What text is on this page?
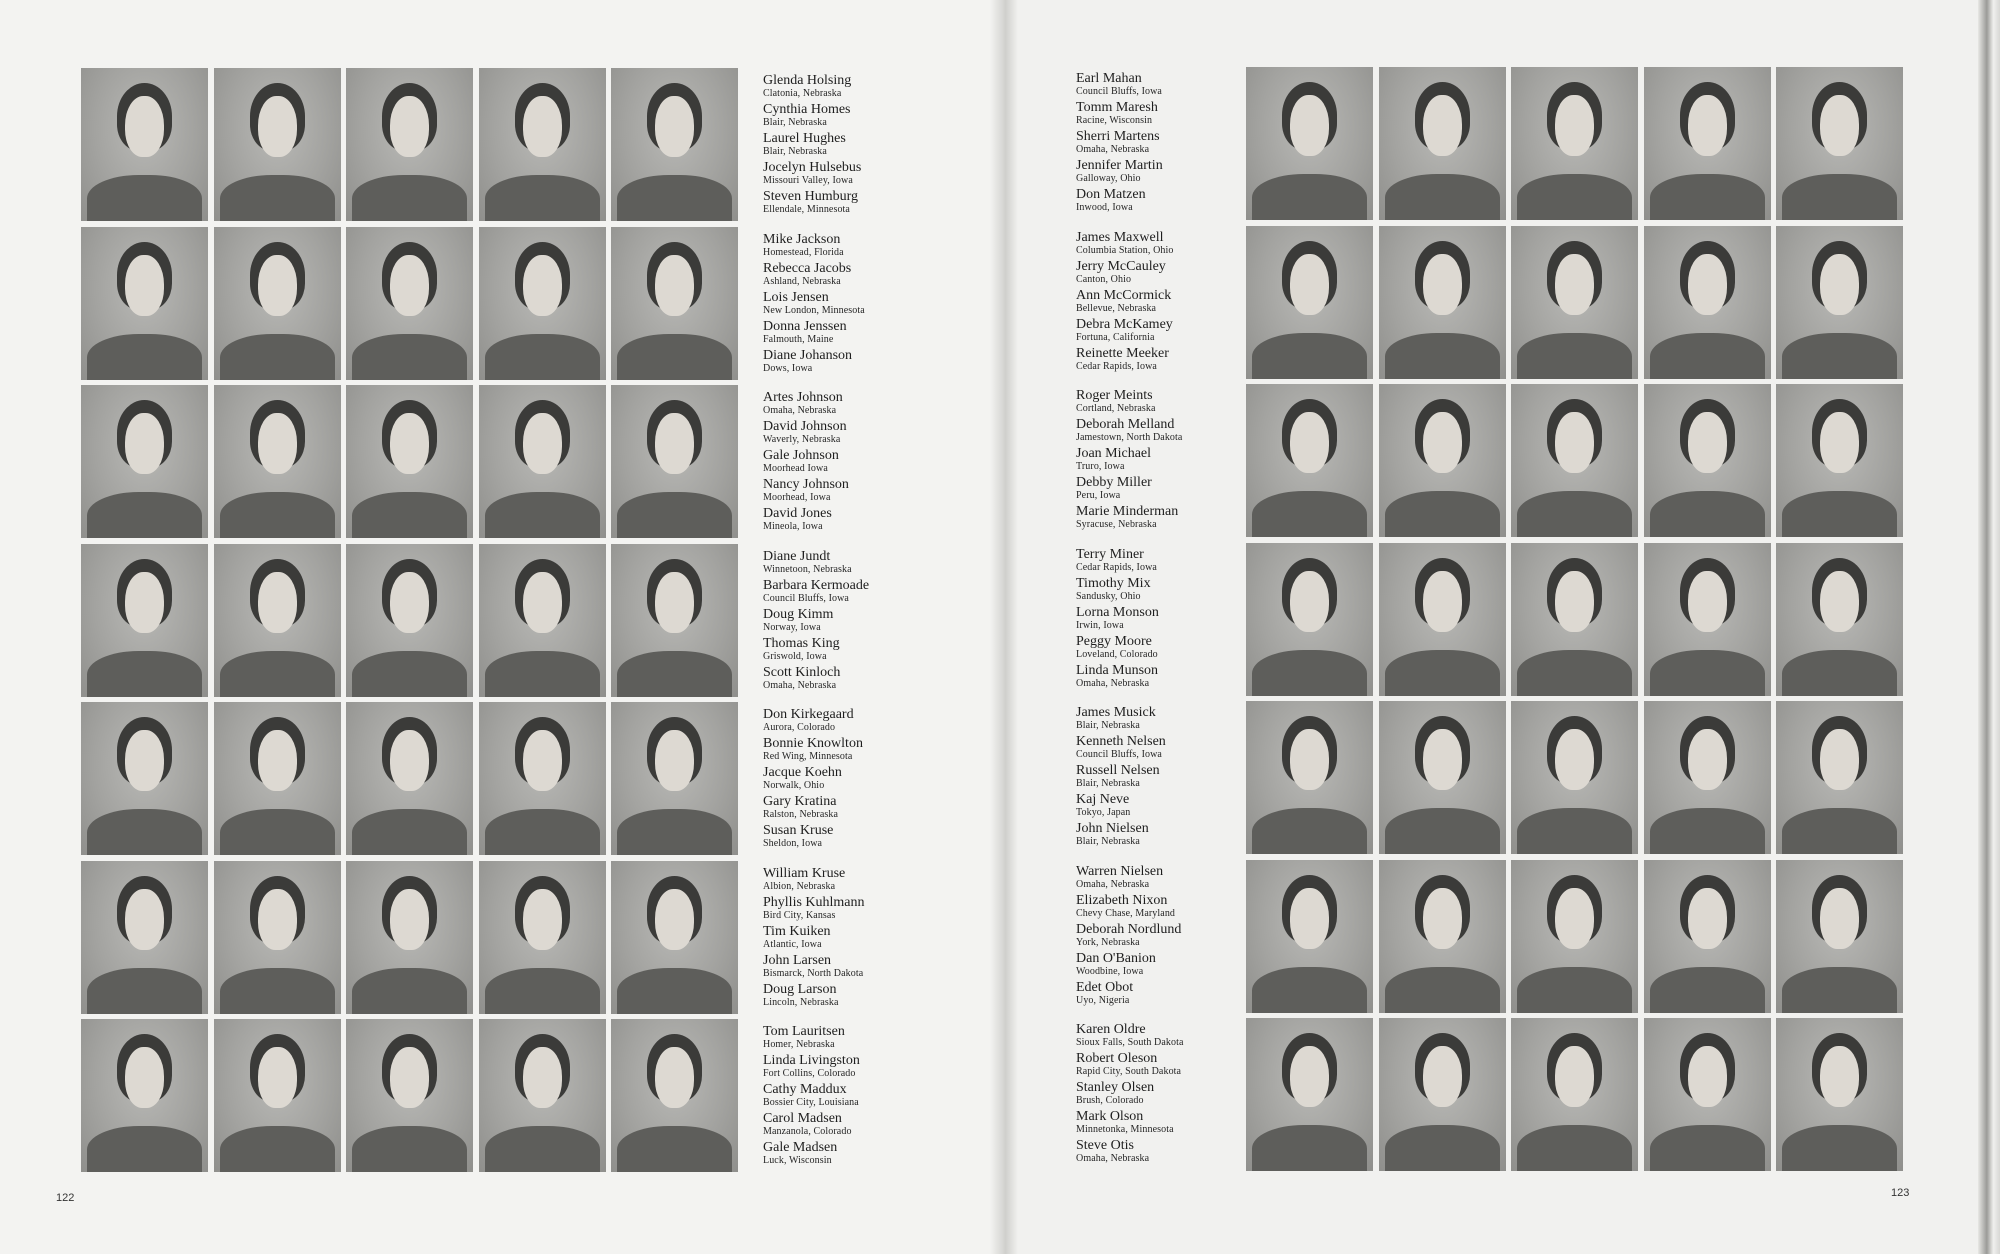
Glenda Holsing
Clatonia, Nebraska
Cynthia Homes
Blair, Nebraska
Laurel Hughes
Blair, Nebraska
Jocelyn Hulsebus
Missouri Valley, Iowa
Steven Humburg
Ellendale, Minnesota
Mike Jackson
Homestead, Florida
Rebecca Jacobs
Ashland, Nebraska
Lois Jensen
New London, Minnesota
Donna Jenssen
Falmouth, Maine
Diane Johanson
Dows, Iowa
Artes Johnson
Omaha, Nebraska
David Johnson
Waverly, Nebraska
Gale Johnson
Moorhead Iowa
Nancy Johnson
Moorhead, Iowa
David Jones
Mineola, Iowa
Diane Jundt
Winnetoon, Nebraska
Barbara Kermoade
Council Bluffs, Iowa
Doug Kimm
Norway, Iowa
Thomas King
Griswold, Iowa
Scott Kinloch
Omaha, Nebraska
Don Kirkegaard
Aurora, Colorado
Bonnie Knowlton
Red Wing, Minnesota
Jacque Koehn
Norwalk, Ohio
Gary Kratina
Ralston, Nebraska
Susan Kruse
Sheldon, Iowa
William Kruse
Albion, Nebraska
Phyllis Kuhlmann
Bird City, Kansas
Tim Kuiken
Atlantic, Iowa
John Larsen
Bismarck, North Dakota
Doug Larson
Lincoln, Nebraska
Tom Lauritsen
Homer, Nebraska
Linda Livingston
Fort Collins, Colorado
Cathy Maddux
Bossier City, Louisiana
Carol Madsen
Manzanola, Colorado
Gale Madsen
Luck, Wisconsin
Earl Mahan
Council Bluffs, Iowa
Tomm Maresh
Racine, Wisconsin
Sherri Martens
Omaha, Nebraska
Jennifer Martin
Galloway, Ohio
Don Matzen
Inwood, Iowa
James Maxwell
Columbia Station, Ohio
Jerry McCauley
Canton, Ohio
Ann McCormick
Bellevue, Nebraska
Debra McKamey
Fortuna, California
Reinette Meeker
Cedar Rapids, Iowa
Roger Meints
Cortland, Nebraska
Deborah Melland
Jamestown, North Dakota
Joan Michael
Truro, Iowa
Debby Miller
Peru, Iowa
Marie Minderman
Syracuse, Nebraska
Terry Miner
Cedar Rapids, Iowa
Timothy Mix
Sandusky, Ohio
Lorna Monson
Irwin, Iowa
Peggy Moore
Loveland, Colorado
Linda Munson
Omaha, Nebraska
James Musick
Blair, Nebraska
Kenneth Nelsen
Council Bluffs, Iowa
Russell Nelsen
Blair, Nebraska
Kaj Neve
Tokyo, Japan
John Nielsen
Blair, Nebraska
Warren Nielsen
Omaha, Nebraska
Elizabeth Nixon
Chevy Chase, Maryland
Deborah Nordlund
York, Nebraska
Dan O'Banion
Woodbine, Iowa
Edet Obot
Uyo, Nigeria
Karen Oldre
Sioux Falls, South Dakota
Robert Oleson
Rapid City, South Dakota
Stanley Olsen
Brush, Colorado
Mark Olson
Minnetonka, Minnesota
Steve Otis
Omaha, Nebraska
122	123
